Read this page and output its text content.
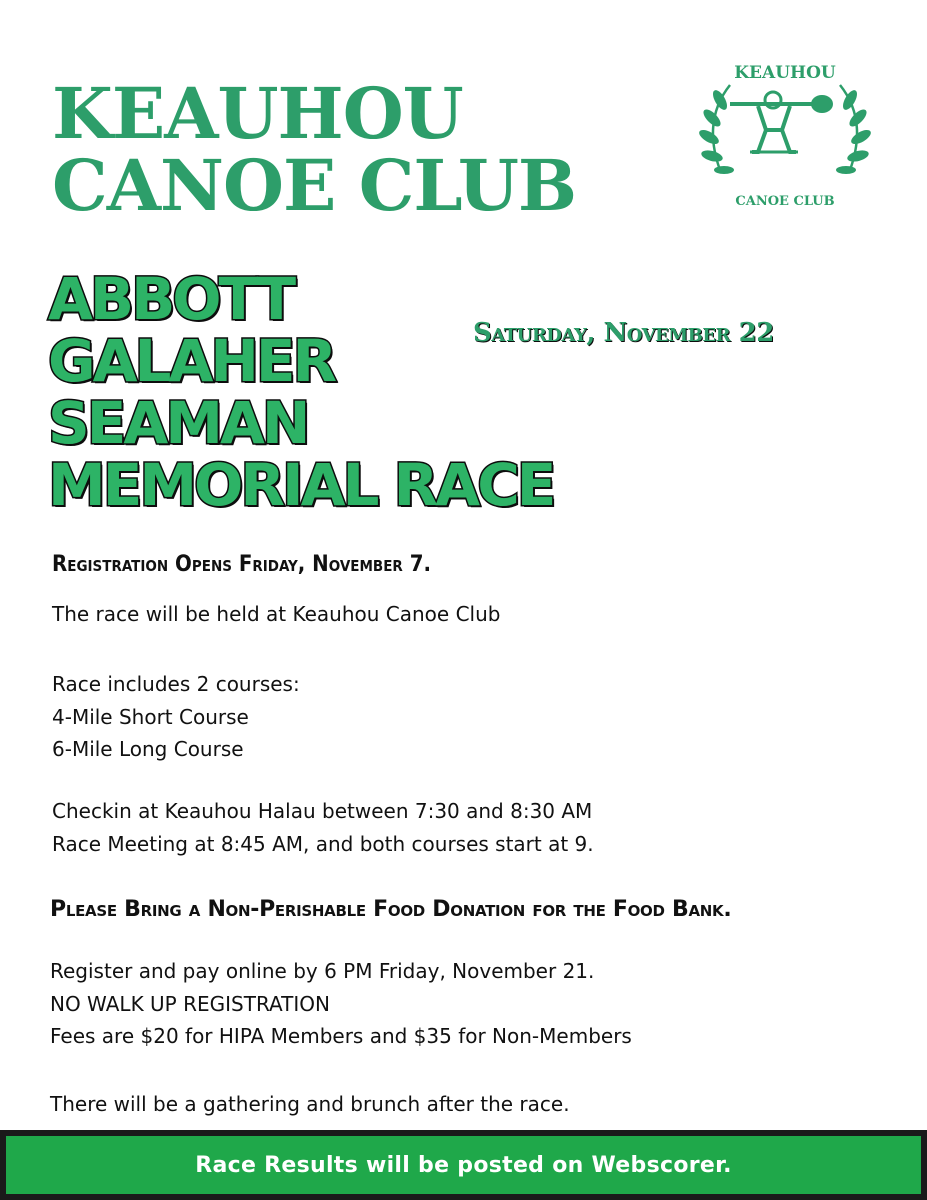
KEAUHOU
CANOE CLUB
KEAUHOU
CANOE CLUB
ABBOTT
GALAHER
SEAMAN
MEMORIAL RACE
Saturday, November 22
Registration Opens Friday, November 7.
The race will be held at Keauhou Canoe Club
Race includes 2 courses:
4-Mile Short Course
6-Mile Long Course
Checkin at Keauhou Halau between 7:30 and 8:30 AM
Race Meeting at 8:45 AM, and both courses start at 9.
Please Bring a Non-Perishable Food Donation for the Food Bank.
Register and pay online by 6 PM Friday, November 21.
NO WALK UP REGISTRATION
Fees are $20 for HIPA Members and $35 for Non-Members
There will be a gathering and brunch after the race.
Race Results will be posted on Webscorer.
